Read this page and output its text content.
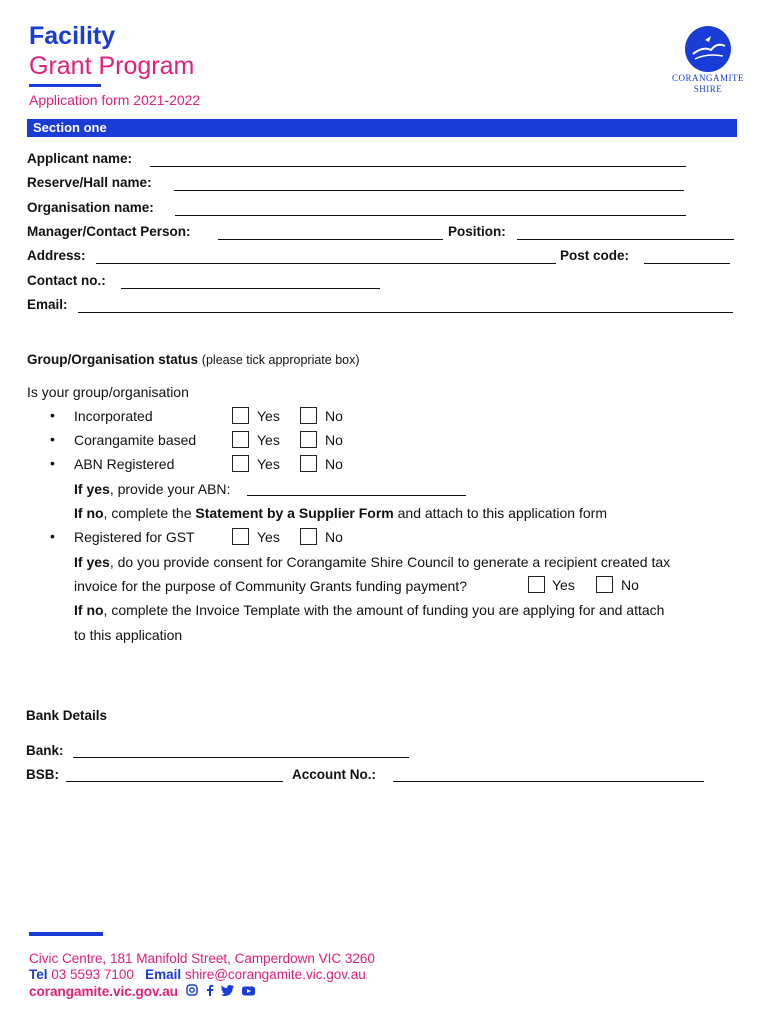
Facility
Grant Program
Application form 2021-2022
CORANGAMITE
SHIRE
Section one
Applicant name:
Reserve/Hall name:
Organisation name:
Manager/Contact Person:	Position:
Address:	Post code:
Contact no.:
Email:
Group/Organisation status (please tick appropriate box)
Is your group/organisation
• Incorporated	Yes	No
• Corangamite based	Yes	No
• ABN Registered	Yes	No
If yes, provide your ABN:
If no, complete the Statement by a Supplier Form and attach to this application form
• Registered for GST	Yes	No
If yes, do you provide consent for Corangamite Shire Council to generate a recipient created tax
invoice for the purpose of Community Grants funding payment?	Yes	No
If no, complete the Invoice Template with the amount of funding you are applying for and attach
to this application
Bank Details
Bank:
BSB:	Account No.:
Civic Centre, 181 Manifold Street, Camperdown VIC 3260
Tel 03 5593 7100 Email shire@corangamite.vic.gov.au
corangamite.vic.gov.au
